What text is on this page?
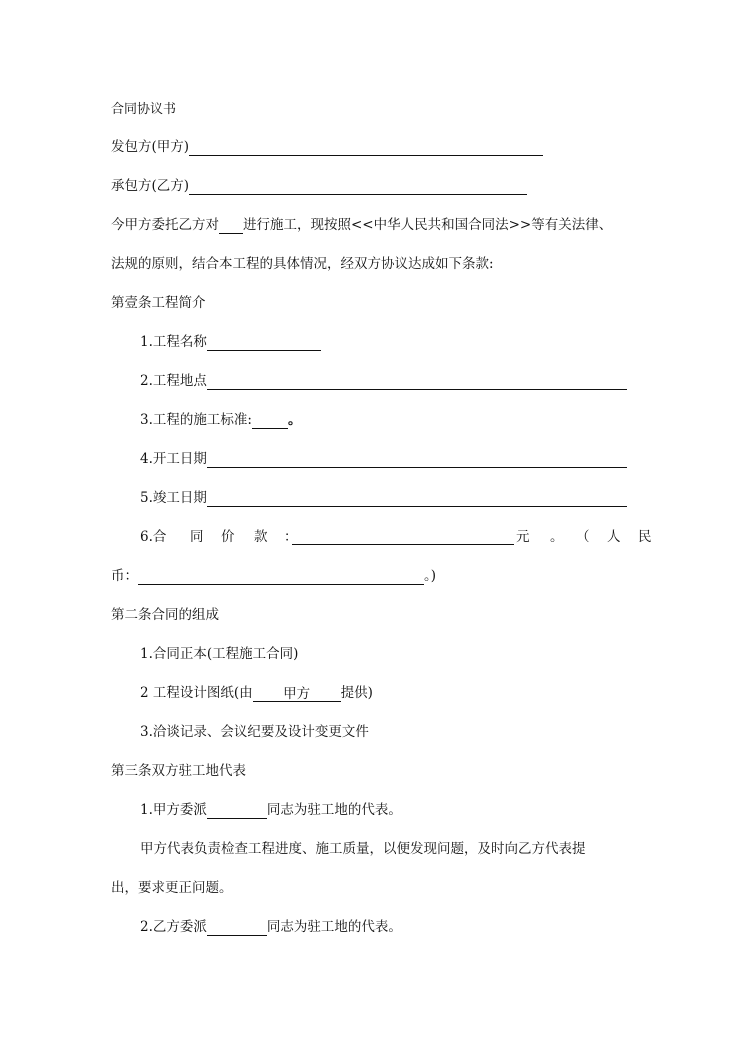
合同协议书
发包方(甲方)
承包方(乙方)
今甲方委托乙方对 进行施工，现按照<<中华人民共和国合同法>>等有关法律、
法规的原则，结合本工程的具体情况，经双方协议达成如下条款:
第壹条工程简介
1.工程名称
2.工程地点
3.工程的施工标准:	。
4.开工日期
5.竣工日期
6.合 同 价 款 ：	元 。 （ 人 民
币：	。)
第二条合同的组成
1.合同正本(工程施工合同)
2 工程设计图纸(由 甲方 提供)
3.洽谈记录、会议纪要及设计变更文件
第三条双方驻工地代表
1.甲方委派	同志为驻工地的代表。
甲方代表负责检查工程进度、施工质量，以便发现问题，及时向乙方代表提
出，要求更正问题。
2.乙方委派	同志为驻工地的代表。
